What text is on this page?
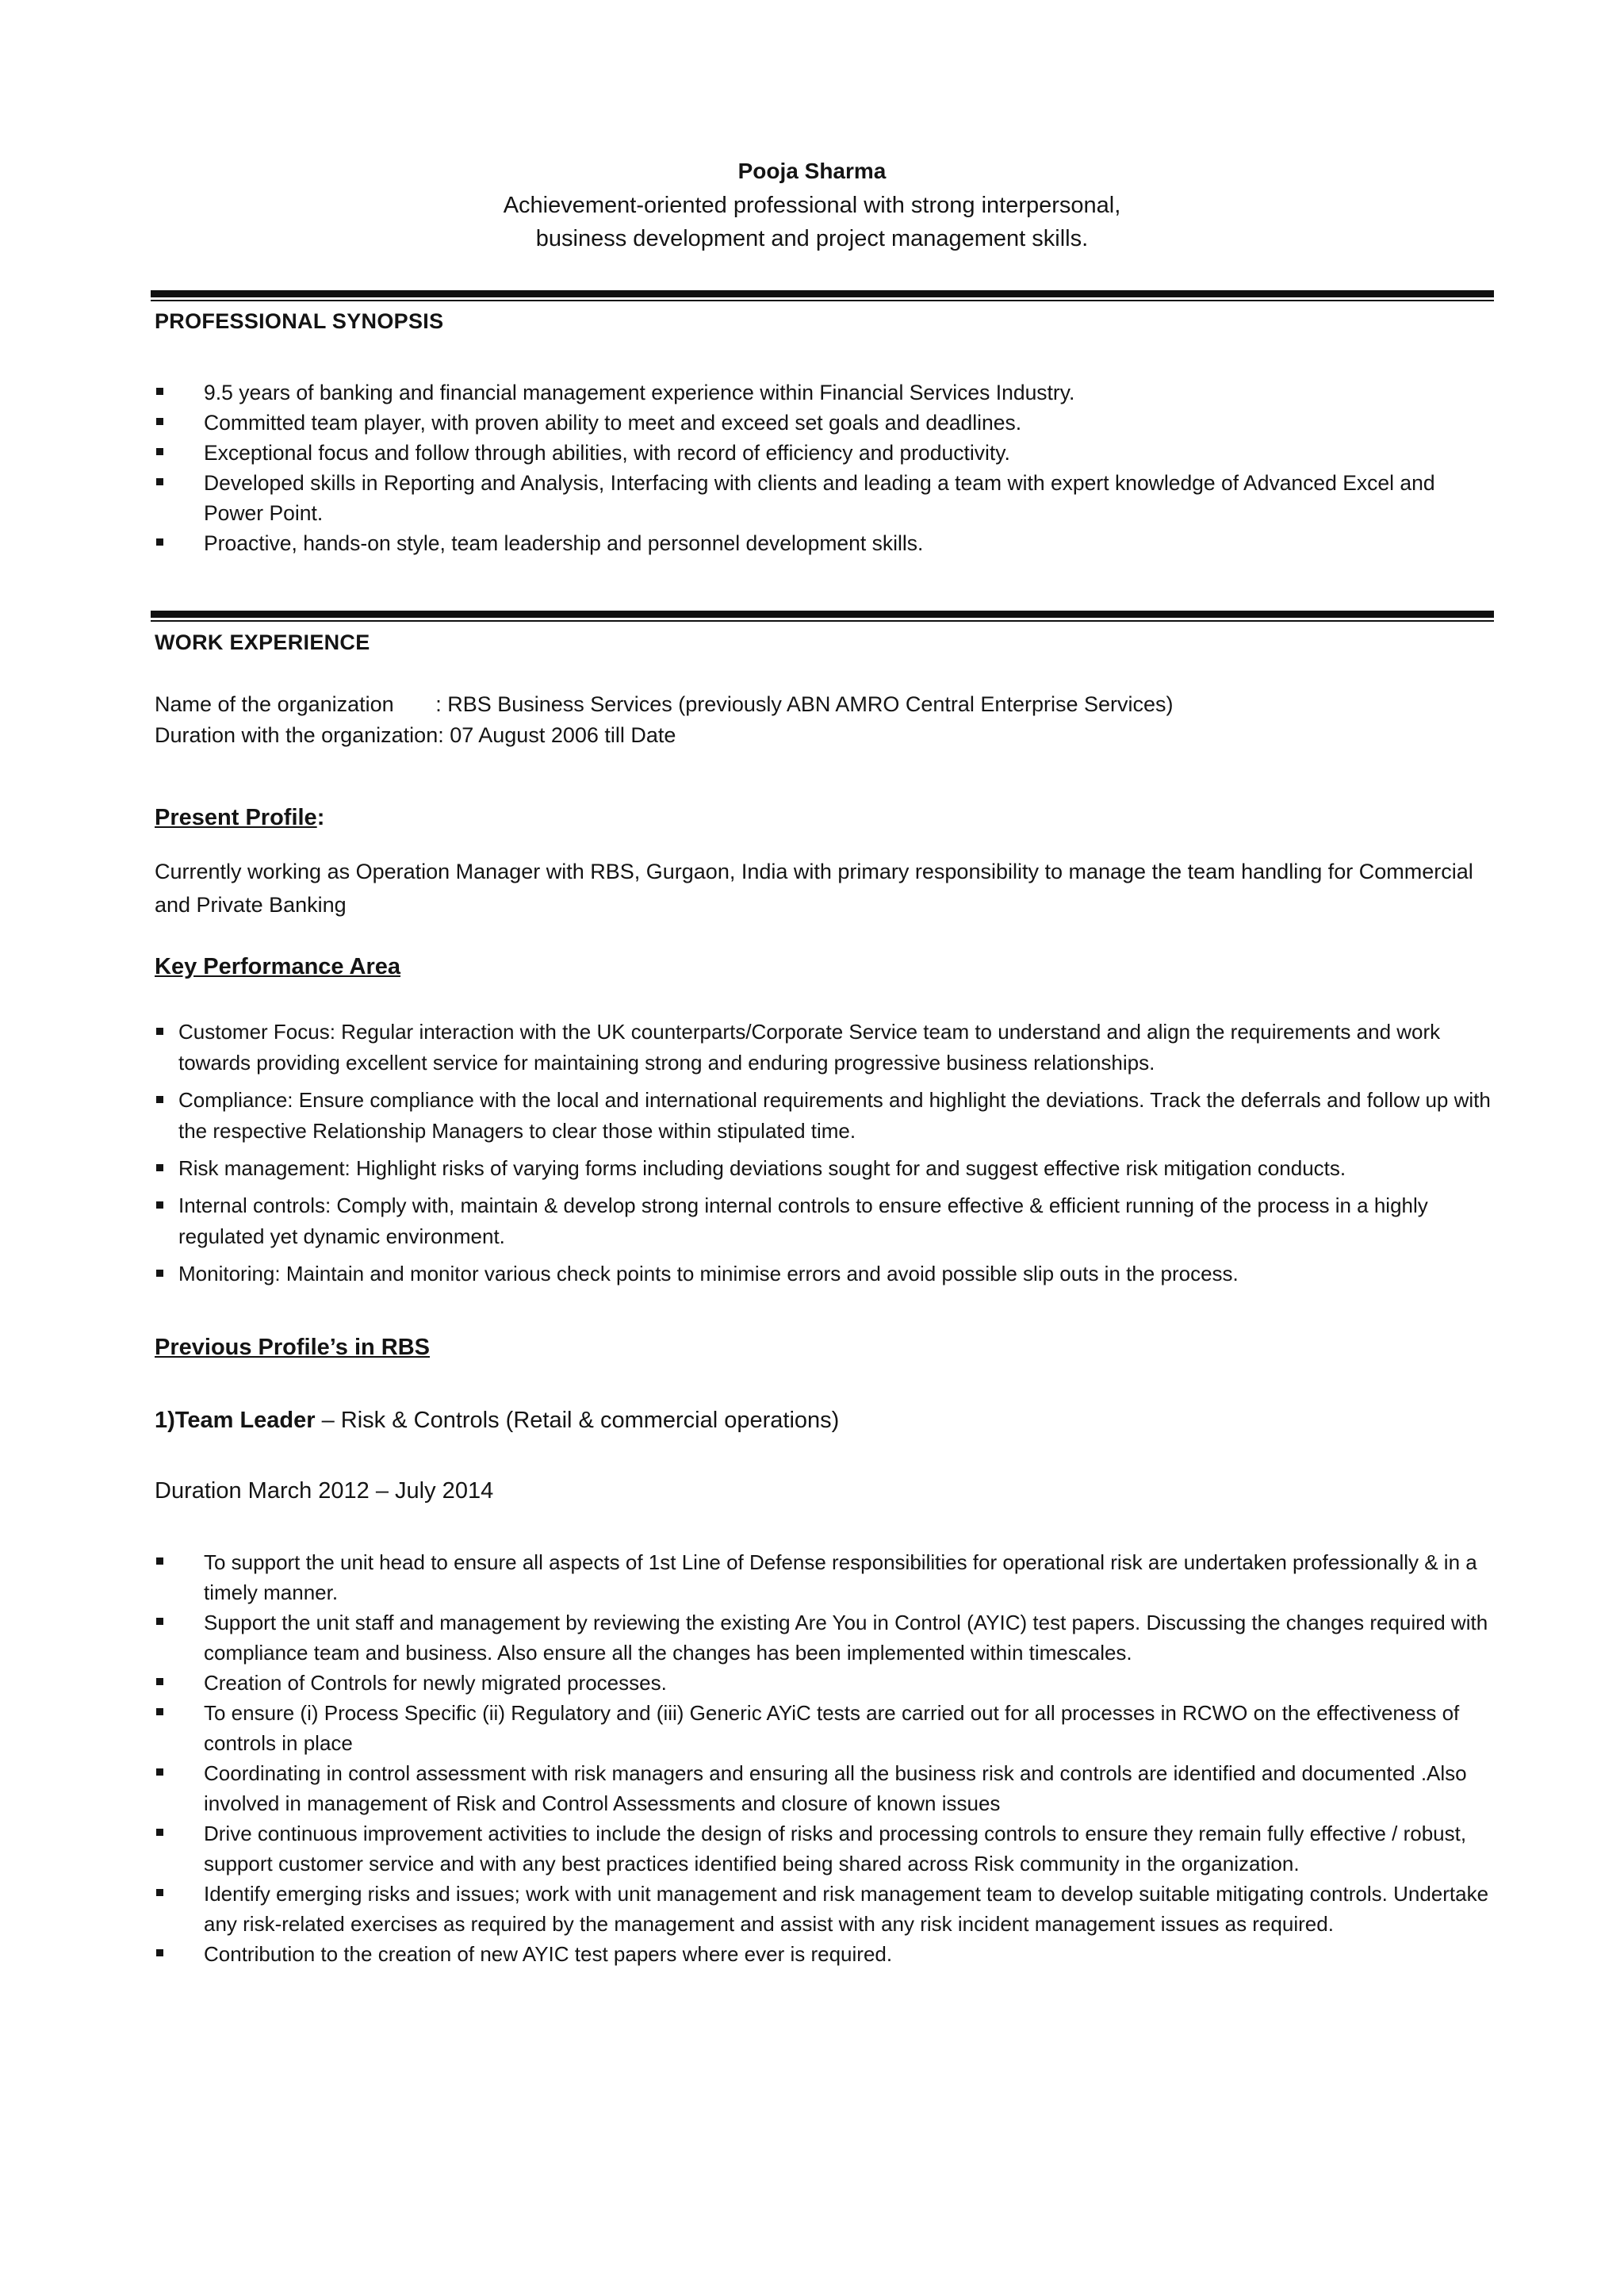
Pooja Sharma
Achievement-oriented professional with strong interpersonal,
business development and project management skills.
PROFESSIONAL SYNOPSIS
9.5 years of banking and financial management experience within Financial Services Industry.
Committed team player, with proven ability to meet and exceed set goals and deadlines.
Exceptional focus and follow through abilities, with record of efficiency and productivity.
Developed skills in Reporting and Analysis, Interfacing with clients and leading a team with expert knowledge of Advanced Excel and Power Point.
Proactive, hands-on style, team leadership and personnel development skills.
WORK EXPERIENCE
Name of the organization       : RBS Business Services (previously ABN AMRO Central Enterprise Services)
Duration with the organization: 07 August 2006 till Date
Present Profile:
Currently working as Operation Manager with RBS, Gurgaon, India with primary responsibility to manage the team handling for Commercial and Private Banking
Key Performance Area
Customer Focus: Regular interaction with the UK counterparts/Corporate Service team to understand and align the requirements and work towards providing excellent service for maintaining strong and enduring progressive business relationships.
Compliance: Ensure compliance with the local and international requirements and highlight the deviations. Track the deferrals and follow up with the respective Relationship Managers to clear those within stipulated time.
Risk management: Highlight risks of varying forms including deviations sought for and suggest effective risk mitigation conducts.
Internal controls: Comply with, maintain & develop strong internal controls to ensure effective & efficient running of the process in a highly regulated yet dynamic environment.
Monitoring: Maintain and monitor various check points to minimise errors and avoid possible slip outs in the process.
Previous Profile’s in RBS
1)Team Leader – Risk & Controls (Retail & commercial operations)
Duration March 2012 – July 2014
To support the unit head to ensure all aspects of 1st Line of Defense responsibilities for operational risk are undertaken professionally & in a timely manner.
Support the unit staff and management by reviewing the existing Are You in Control (AYIC) test papers. Discussing the changes required with compliance team and business. Also ensure all the changes has been implemented within timescales.
Creation of Controls for newly migrated processes.
To ensure (i) Process Specific (ii) Regulatory and (iii) Generic AYiC tests are carried out for all processes in RCWO on the effectiveness of controls in place
Coordinating in control assessment with risk managers and ensuring all the business risk and controls are identified and documented .Also involved in management of Risk and Control Assessments and closure of known issues
Drive continuous improvement activities to include the design of risks and processing controls to ensure they remain fully effective / robust, support customer service and with any best practices identified being shared across Risk community in the organization.
Identify emerging risks and issues; work with unit management and risk management team to develop suitable mitigating controls. Undertake any risk-related exercises as required by the management and assist with any risk incident management issues as required.
Contribution to the creation of new AYIC test papers where ever is required.
